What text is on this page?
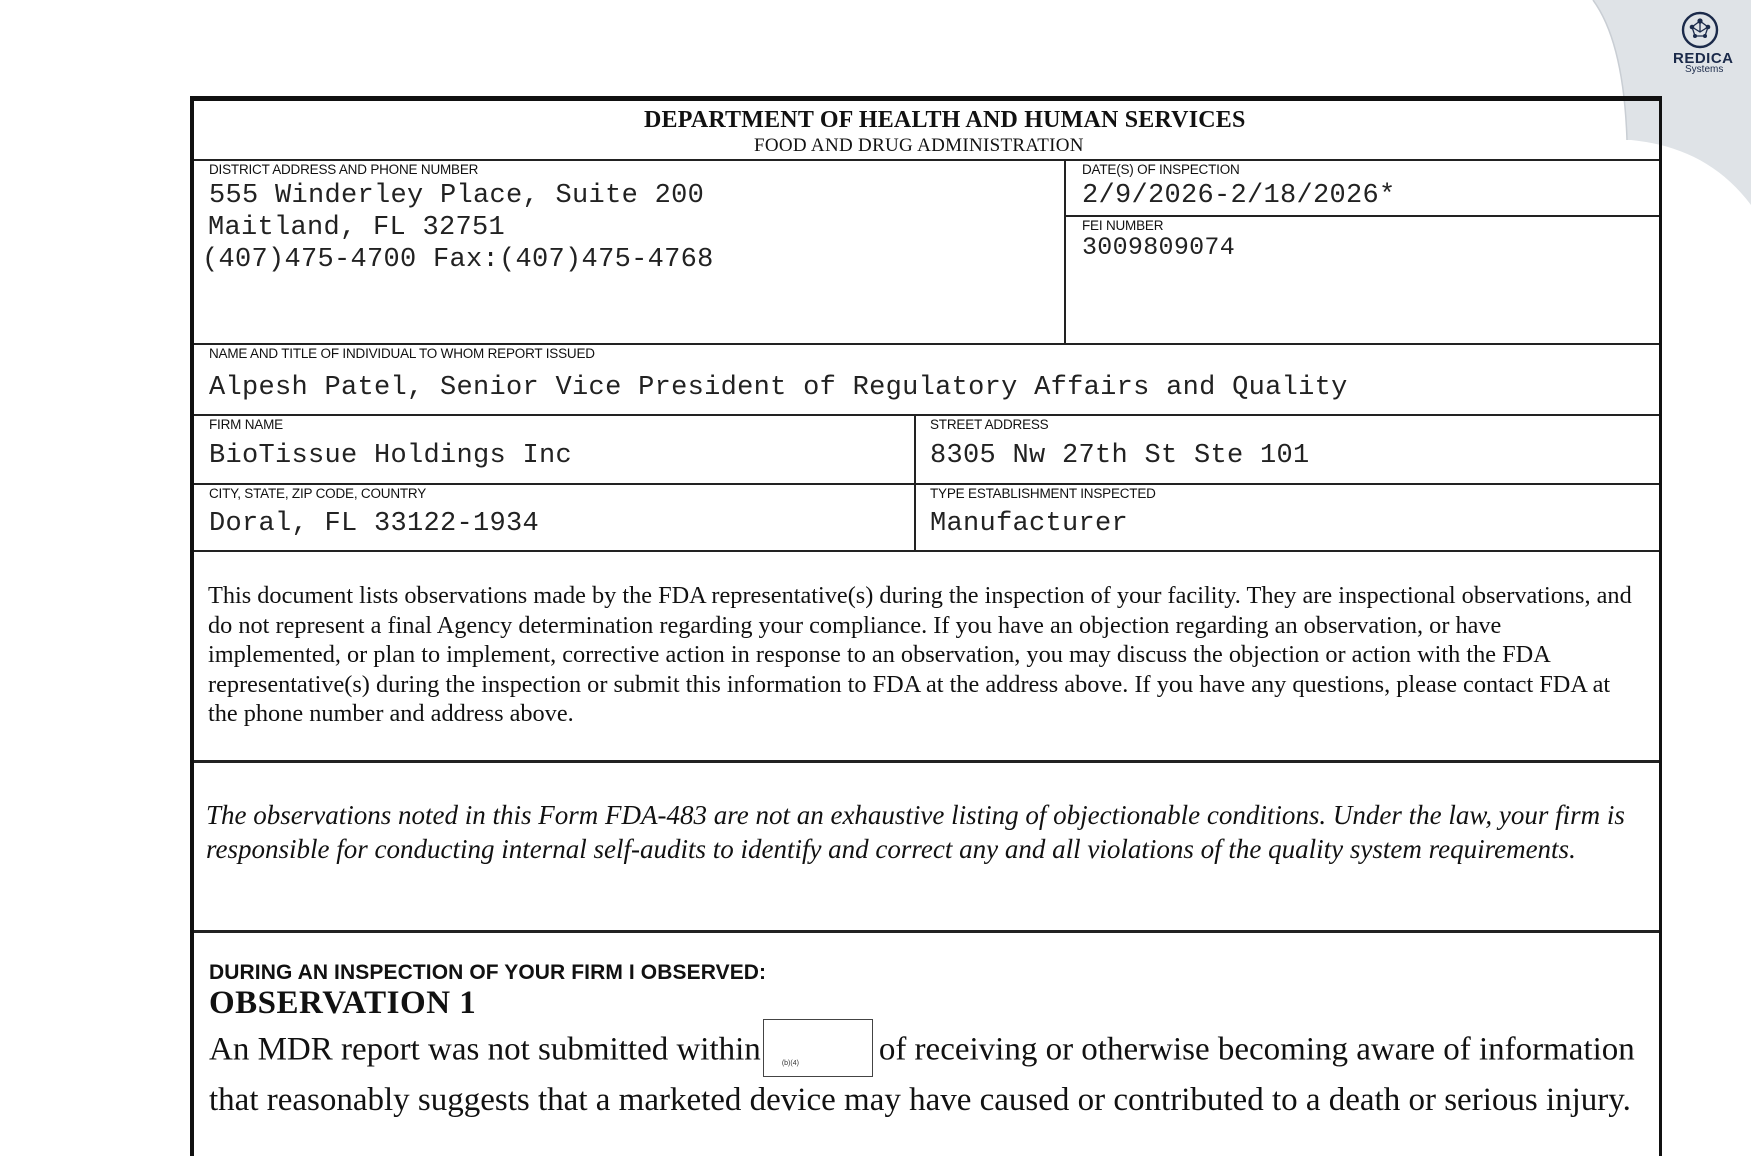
REDICA
Systems
DEPARTMENT OF HEALTH AND HUMAN SERVICES
FOOD AND DRUG ADMINISTRATION
DISTRICT ADDRESS AND PHONE NUMBER
555 Winderley Place, Suite 200
Maitland, FL 32751
(407)475-4700 Fax:(407)475-4768
DATE(S) OF INSPECTION
2/9/2026-2/18/2026*
FEI NUMBER
3009809074
NAME AND TITLE OF INDIVIDUAL TO WHOM REPORT ISSUED
Alpesh Patel, Senior Vice President of Regulatory Affairs and Quality
FIRM NAME
BioTissue Holdings Inc
STREET ADDRESS
8305 Nw 27th St Ste 101
CITY, STATE, ZIP CODE, COUNTRY
Doral, FL 33122-1934
TYPE ESTABLISHMENT INSPECTED
Manufacturer
This document lists observations made by the FDA representative(s) during the inspection of your facility. They are inspectional observations, and do not represent a final Agency determination regarding your compliance. If you have an objection regarding an observation, or have implemented, or plan to implement, corrective action in response to an observation, you may discuss the objection or action with the FDA representative(s) during the inspection or submit this information to FDA at the address above. If you have any questions, please contact FDA at the phone number and address above.
The observations noted in this Form FDA-483 are not an exhaustive listing of objectionable conditions. Under the law, your firm is responsible for conducting internal self-audits to identify and correct any and all violations of the quality system requirements.
DURING AN INSPECTION OF YOUR FIRM I OBSERVED:
OBSERVATION 1
An MDR report was not submitted within	(b)(4) of receiving or otherwise becoming aware of information that reasonably suggests that a marketed device may have caused or contributed to a death or serious injury.
